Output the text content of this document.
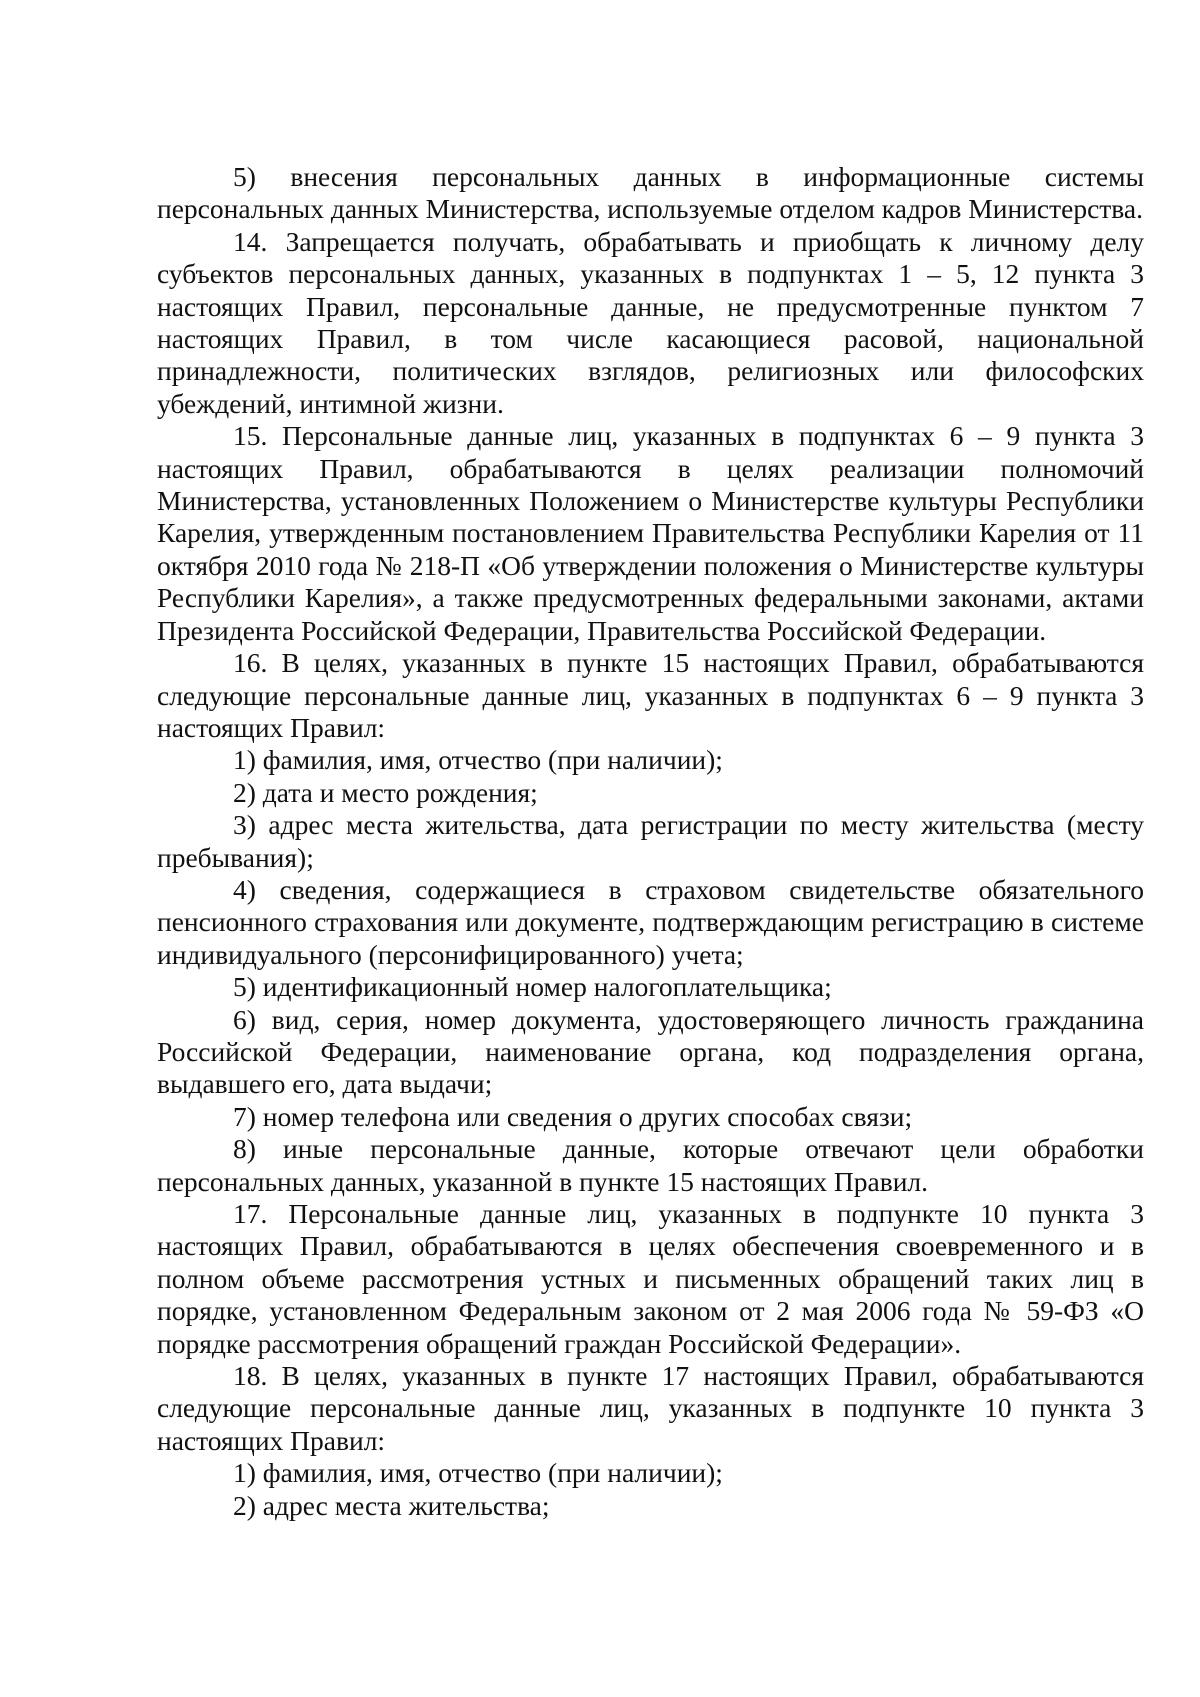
5) внесения персональных данных в информационные системы персональных данных Министерства, используемые отделом кадров Министерства.

14. Запрещается получать, обрабатывать и приобщать к личному делу субъектов персональных данных, указанных в подпунктах 1 – 5, 12 пункта 3 настоящих Правил, персональные данные, не предусмотренные пунктом 7 настоящих Правил, в том числе касающиеся расовой, национальной принадлежности, политических взглядов, религиозных или философских убеждений, интимной жизни.

15. Персональные данные лиц, указанных в подпунктах 6 – 9 пункта 3 настоящих Правил, обрабатываются в целях реализации полномочий Министерства, установленных Положением о Министерстве культуры Республики Карелия, утвержденным постановлением Правительства Республики Карелия от 11 октября 2010 года № 218-П «Об утверждении положения о Министерстве культуры Республики Карелия», а также предусмотренных федеральными законами, актами Президента Российской Федерации, Правительства Российской Федерации.

16. В целях, указанных в пункте 15 настоящих Правил, обрабатываются следующие персональные данные лиц, указанных в подпунктах 6 – 9 пункта 3 настоящих Правил:

1) фамилия, имя, отчество (при наличии);

2) дата и место рождения;

3) адрес места жительства, дата регистрации по месту жительства (месту пребывания);

4) сведения, содержащиеся в страховом свидетельстве обязательного пенсионного страхования или документе, подтверждающим регистрацию в системе индивидуального (персонифицированного) учета;

5) идентификационный номер налогоплательщика;

6) вид, серия, номер документа, удостоверяющего личность гражданина Российской Федерации, наименование органа, код подразделения органа, выдавшего его, дата выдачи;

7) номер телефона или сведения о других способах связи;

8) иные персональные данные, которые отвечают цели обработки персональных данных, указанной в пункте 15 настоящих Правил.

17. Персональные данные лиц, указанных в подпункте 10 пункта 3 настоящих Правил, обрабатываются в целях обеспечения своевременного и в полном объеме рассмотрения устных и письменных обращений таких лиц в порядке, установленном Федеральным законом от 2 мая 2006 года № 59-ФЗ «О порядке рассмотрения обращений граждан Российской Федерации».

18. В целях, указанных в пункте 17 настоящих Правил, обрабатываются следующие персональные данные лиц, указанных в подпункте 10 пункта 3 настоящих Правил:

1) фамилия, имя, отчество (при наличии);

2) адрес места жительства;
